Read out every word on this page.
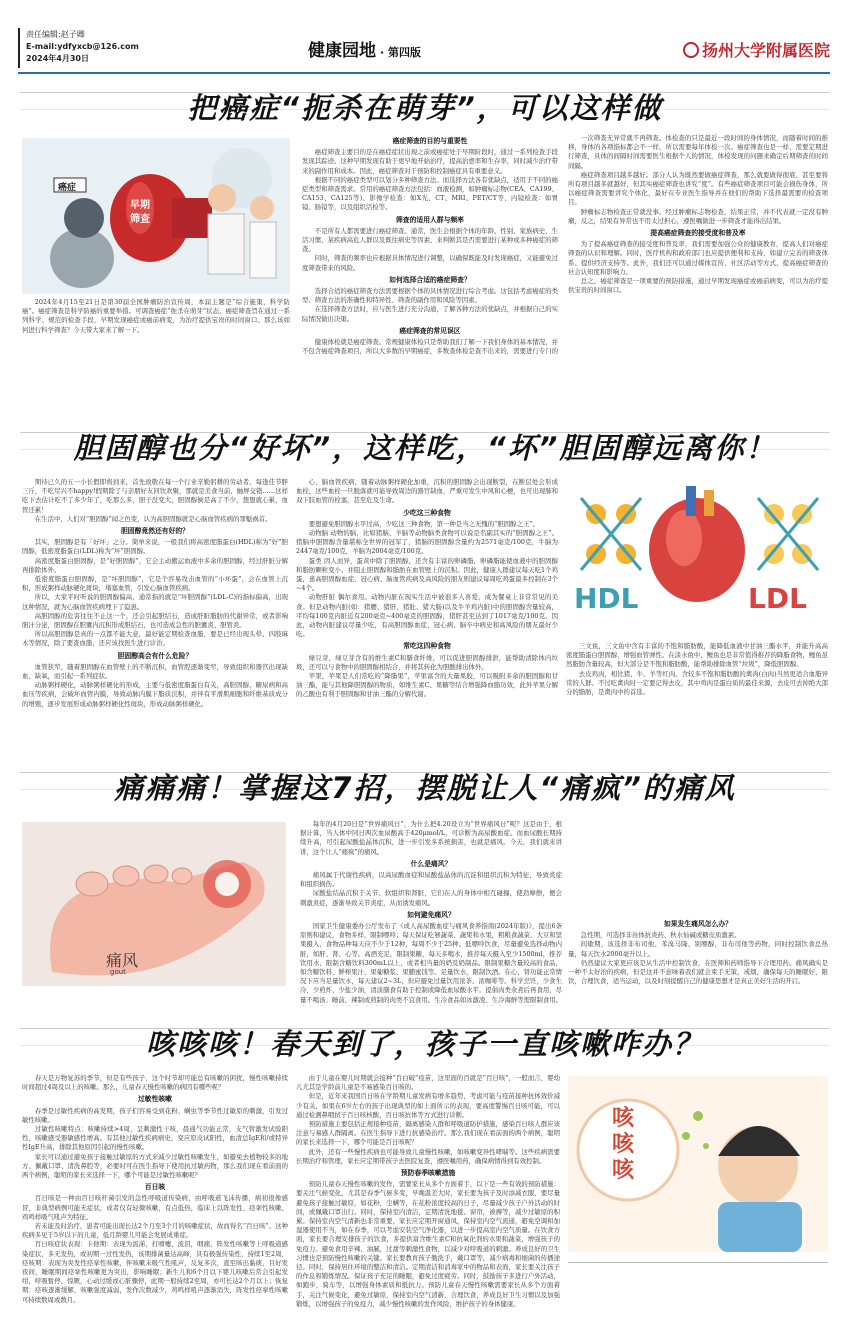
责任编辑:赵子卿
E-mail:ydfyxcb@126.com
2024年4月30日	健康园地 · 第四版	扬州大学附属医院
把癌症“扼杀在萌芽”，可以这样做
癌症
早期
筛查

2024年4月15至21日是第30届全国肿瘤防治宣传周，本届主题是“综合施策，科学防癌”。癌症筛查是科学防癌的重要举措。可调查癌症“扼杀在萌芽”状态，癌症筛查旨在通过一系列科学、规范的检查手段，早期发现癌症或癌前病变，为治疗提供宝贵的时间窗口。那么该如何进行科学筛查？今天带大家来了解一下。

癌症筛查的目的与重要性

癌症筛查主要目的是在癌症症状出现之前或癌症处于早期阶段时，通过一系列检查手段发现其踪迹。这种早期发现有助于更早地开始治疗，提高治愈率和生存率，同时减少治疗带来的副作用和成本。因此，癌症筛查对于预防和控制癌症具有重要意义。

根据不同的癌症类型可以划分多种筛查方法。而选择方法各有优缺点，适用于不同的癌症类型和筛查需求。常用的癌症筛查方法包括：血液检测，如肿瘤标志物(CEA、CA199、CA153、CA125等)、影像学检查：如X光、CT、MRI、PET/CT等、内镜检查：如胃镜、肠镜等，以及组织活检等。

筛查的适用人群与频率

不是所有人都需要进行癌症筛查。通常，医生会根据个体的年龄、性别、家族病史、生活习惯、某疾病高危人群以及既往病史等因素，来判断其是否需要进行某种或多种癌症的筛查。

同时，筛查的频率也应根据具体情况进行调整，以确保既能及时发现癌症，又能避免过度筛查带来的风险。

如何选择合适的癌症筛查？

选择合适的癌症筛查方法需要根据个体的具体情况进行综合考虑。这包括考虑癌症的类型、筛查方法的准确性和特异性、筛查的副作用和风险等因素。

在选择筛查方法时，应与医生进行充分沟通，了解各种方法的优缺点，并根据自己的实际情况做出决策。

癌症筛查的常见误区

健康体检就是癌症筛查。常规健康体检只是帮助我们了解一下我们身体的基本情况，并不包含癌症筛查项目，所以大多数的早期癌症，多数查体检是查不出来的，需要进行专门的

一次筛查无异常就不再筛查。体检查的只是最近一段时间的身体情况，而随着时间的推移，身体的各项指标都会不一样，所以需要每年体检一次。癌症筛查也是一样，需要定期进行筛查，具体的间隔时间需要医生根据个人的情况，体检发现的问题来确定后期筛查的时间间隔。

癌症筛查项目越多越好。部分人认为既然要做癌症筛查，那么就要做得彻底、甚至要将所有项目越多就越好，但其实癌症筛查也讲究“度”。有些癌症筛查项目可能会损伤身体，所以癌症筛查需要讲究个体化，最好在专业医生指导并在他们的帮助下选择最需要的检查项目。

肿瘤标志物检查正常就没事。经过肿瘤标志物检查，结果正常，并不代表就一定没有肿瘤，反之，结果有异常也不用太过担心，遵医嘱做进一步筛查才能得出结果。

提高癌症筛查的接受度和普及率

为了提高癌症筛查的接受度和普及率，我们需要加强公众的健康教育，提高人们对癌症筛查的认识和理解。同时，医疗机构和政府部门也应提供便利和支持，如建立完善的筛查体系、提供经济支持等。此外，我们还可以通过媒体宣传、社区活动等方式，提高癌症筛查的社会认知度和影响力。

总之，癌症筛查是一项重要的预防措施，通过早期发现癌症或癌前病变，可以为治疗提供宝贵的时间窗口。

胆固醇也分“好坏”，这样吃，“坏”胆固醇远离你！

期待已久的五一小长假即将到来，首先致敬在每一个行业辛勤躬耕的劳动者，每逢佳节胖三斤，不吃尽兴不happy!假期除了与亲朋好友同饮欢聚，那就是美食当前、触屏交错……这样吃下去估计吃不了多少年了，吃那么多，胆子没变大，胆固醇倒是高了不少，想想就心累，血管还累！

在生活中，人们对“胆固醇”闻之色变，认为高胆固醇就是心脑血管疾病的罪魁祸首。

胆固醇竟然还有好的？

其实，胆固醇是有「好坏」之分。简单来说，一般我们将高密度脂蛋白(HDL)称为“好”胆固醇，低密度脂蛋白(LDL)称为“坏”胆固醇。

高密度脂蛋白胆固醇，是“好胆固醇”，它会主动搬运血液中多余的胆固醇，经过肝脏分解再排除体外。

低密度脂蛋白胆固醇，是“坏胆固醇”，它是个容易攻击血管的“小坏蛋”，会在血管上沉积，形成粥样动脉硬化斑块，堵塞血管，引发心脑血管疾病。

所以，大家平时听说的胆固醇偏高，通常指的就是“坏胆固醇”(LDL-C)的指标偏高，出现这种情况，就为心脑血管疾病埋下了隐患。

高胆固醇的危害往往不止这一个，还会引起胆结石，造成肝脏脂肪的代谢异常，或者影响胆汁分泌，胆固醇在胆囊内沉积形成胆结石，也可造成急性的胆囊炎、胆管炎。

所以高胆固醇是真的一点都不能大意，最好能定期检查血脂，要是已经出现头晕、四肢麻木等情况，除了要查血脂，还应该找医生进行诊治。

胆固醇高会有什么危险？

血管狭窄，随着胆固醇在血管壁上的不断沉积，血管腔逐渐变窄，导致组织和器官出现缺血、缺氧，而引起一系列症状。

动脉粥样硬化，动脉粥样硬化的形成，主要与低密度脂蛋白有关，高胆固醇，糖尿病和高血压等疾病，会破坏血管内膜，导致动脉内膜下脂质沉积，并伴有平滑肌细胞和纤维基质成分的增殖，逐步发展形成动脉粥样硬化性斑块，形成动脉粥样硬化。

心、脑血管疾病，随着动脉粥样硬化加重，沉积的胆固醇会出现断裂，在断层处会形成血栓，这些血栓一旦脱落就可能导致周边的器官缺血，严重可发生中风和心梗，也可出现肺和双下肢血管的栓塞，甚至危及生命。

少吃这三种食物

要想避免胆固醇水平过高，少吃这三种食物，第一种是当之无愧的“胆固醇之王”。

动物脑 动物的脑，比如猪脑、羊脑等动物脑类食物可以说是名副其实的“胆固醇之王”。猪脑中胆固醇含量堪称全世界的冠军了，猪脑的胆固醇含量约为2571毫克/100克，牛脑为2447毫克/100克，羊脑为2004毫克/100克。

蛋类 因人而异，蛋黄中除了胆固醇，还含有丰富的卵磷脂，卵磷脂能使血液中的胆固醇和脂肪颗粒变小，并阻止胆固醇和脂肪在血管壁上的沉积。因此，健康人群建议每天吃1个鸡蛋，患高胆固醇血症、冠心病、脑血管疾病及高风险的朋友则建议每周吃鸡蛋最多控制在3个~4个。

动物肝脏 偶尔食用。动物内脏在现实生活中被很多人喜爱，成为餐桌上非常常见的美食。但是动物内脏(如：猪腰、猪肝、猪肚、猪大肠)以及牛羊鸡内脏)中的胆固醇含量较高，平均每100克内脏近有200毫克~400毫克的胆固醇，猪肝甚至达到了1017毫克/100克。因此，动物内脏建议尽量少吃，有高胆固醇血症、冠心病、脑卒中病史和高风险的朋友最好少吃。

常吃这四种食物

绿豆芽，绿豆芽含有的维生素C和膳食纤维，可以促进胆固醇排泄，能帮助清除体内垃圾，还可以与食物中的胆固醇相结合，并将其转化为胆酸排出体外。

苹果，苹果是人们常吃的“降脂果”，苹果富含的大量果胶，可以吸附多余的胆固醇和甘油三酯，能与其他降胆固醇的物质，如维生素C、果糖等结合增强降血脂功效，此外苹果分解的乙酸也有利于胆固醇和甘油三酯的分解代谢。

HDL	LDL

三文鱼，三文鱼中含有丰富的不饱和脂肪酸，能降低血液中甘油三酯水平，并能升高高密度脂蛋白胆固醇，增强血管弹性。在淡水鱼中，鲤鱼也是非常值得推荐的降脂食物，鲤鱼虽然脂肪含量较高，但大部分是不饱和脂肪酸，能帮助排除血管“垃圾”，降低胆固醇。

去皮鸡肉，相比猪、牛、羊等红肉，含较多不饱和脂肪酸的禽肉(白肉)当然更适合血脂异常的人群。不过吃禽肉时一定要记得去皮，其中鸡肉是蛋白质的最佳来源，去皮可去掉绝大部分的脂肪，是禽肉中的首选。

痛痛痛！掌握这7招，摆脱让人“痛疯”的痛风
痛风
gout

每年的4月20日是“世界痛风日”，为什么把4.20设立为“世界痛风日”呢？这是由于，根据计算，当人体中同日两次血尿酸高于420μmol/L，可诊断为高尿酸血症。而血尿酸长期持续升高，可引起尿酸盐晶体沉积，进一步引发多系统损害，也就是痛风。今天，我们就来讲讲，这个让人“痛疯”的痛风。

什么是痛风？

痛风属于代谢性疾病，以高尿酸血症和尿酸盐晶体的沉淀和组织沉积为特征，导致炎症和组织损伤。

尿酸盐结晶沉积于关节、软组织和肾脏，它们在人的身体中相互碰撞，使劲摩擦，便会刺激炎症，逐渐导致关节炎症，从而诱发痛风。

如何避免痛风？

国家卫生健康委办公厅发布了《成人高尿酸血症与痛风食养指南(2024年版)》，提出6条原则和建议，食物多样，限制嘌呤；每天保证吃够蔬菜、蔬果和水果，粗粮食蔬菜、大豆和坚果摄入，食物品种每天应不少于12种，每周不少于25种。低嘌呤饮食，尽量避免选择动物内脏，如肝、肾、心等。高酒充足，限制果糖，每天多喝水，推荐每天摄入至少1500ml，推荐饮用水、限制含糖饮料300mL以上，或者相当量的奶及奶制品。限制果糖含量较高的食品，如含糖饮料、鲜榨果汁、果葡糖浆、果脯蜜饯等。足量饮水，限制饮酒。在心、肾功能正常情况下应当足量饮水，每天建议2~3L，但应避免过量饮用浓茶、浓咖啡等。科学烹饪，少食生冷，少煎炸、少盐少油，清淡膳食有助于控制或降低血尿酸水平。提倡肉类汆煮后再食用，尽量不喝汤；睡前，辣制或煎制的肉类不宜食用。生冷食品如冰激凌、生冷海鲜等需限制食用。

如果发生痛风怎么办？

急性期，可选择非甾体抗炎药、秋水仙碱或糖皮质激素。

间歇期，该选择非布司他、苯溴马隆、别嘌醇，非布司他等药物，同时控制饮食总热量，每天饮水2000毫升以上。

仍然建议大家更应该是从生活中控制饮食，在医师和药师指导下合理用药。痛风确实是一种不太好治的疾病，但是这并不意味着我们就会束手无策，戒烟，确保每天的睡眠好，限饮，合理饮食，适当运动，以及时刻提醒自己的健康思想才是真正美好生活的开启。

咳咳咳！春天到了，孩子一直咳嗽咋办？

春天是万物复苏的季节，但是有些孩子，这个时节却可能总有咳嗽的困扰，慢性咳嗽持续时间超过4周及以上的咳嗽。那么，儿童春天慢性咳嗽的病因有哪些呢？

过敏性咳嗽

春季是过敏性疾病的高发期，孩子们容易受到花粉、螨虫等季节性过敏原的刺激，引发过敏性咳嗽。

过敏性咳嗽特点：咳嗽持续>4周，呈刺激性干咳，晨通气功能正常，支气管激发试验阳性，咳嗽感受器敏感性增高。有其他过敏性疾病病史，变应原皮试阳性，血清总IgE和/或特异性IgE升高，排除其他原因引起的慢性咳嗽。

家长可以通过避免孩子接触过敏原的方式来减少过敏性咳嗽发生，如避免去植物较多的地方、佩戴口罩、清洗鼻腔等，必要时可在医生指导下使用抗过敏药物，那么我们现在看前面的两个病例，聪明的家长来选择一下，哪个可能是过敏性咳嗽呢？

百日咳

百日咳是一种由百日咳杆菌引发的急性呼吸道传染病，由呼吸道飞沫传播，病初很像感冒，非典型病例可能无症状，成者仅有轻微咳嗽，有点低热，临床上以阵发性、痉挛性咳嗽、鸡鸣样吸气吼声为特征。

若未能及时治疗，患者可能出现长达2个月至3个月的咳嗽症状，故而得名“百日咳”。这种疾病多见于5岁以下的儿童，低月龄婴儿可能会发展成重症。

百日咳症状表现：卡他期：表现为流涕，打喷嚏，流泪，咽痛，阵发性咳嗽等上呼吸道感染症状，多无发热，或初期一过性发热，该期排菌量达高峰，具有极强传染性，持续1至2周，痉咳期：表现为突发性痉挛性咳嗽，伴咳嗽末吸气性吼声，反复多次，直至咳出黏痰，且好发夜间，睡眠期间痉挛性咳嗽更为突出，影响睡眠；新生儿和6个月以下婴儿咳嗽后常会引起发绀，呼吸暂停、惊厥，心动过缓或心脏骤停，此期一般持续2至周，亦可长达2个月以上；恢复期：痉咳逐渐缓解，咳嗽强度减弱，发作次数减少，鸡鸣样吼声逐渐消失，阵发性痉挛性咳嗽可持续数周或数月。

由于儿童在婴儿时期就会接种“百白破”疫苗，这里面的百就是“百日咳”，一般而言，婴幼儿尤其是学龄前儿童是不易感染百日咳的。

但是，近年来我国百日咳在学龄期儿童发病有增多趋势，考虑可能与疫苗接种抗体效价减少有关，如果在6岁左右的孩子出现典型的如上面所示的表现，要高度警惕百日咳可能，可以通过检测鼻咽拭子百日咳核酸，百日咳抗体等方式进行诊断。

预防措施主要包括正规接种疫苗，隔离感染人群和呼吸道防护措施，感染百日咳人群应该注意与易感人群隔离。在医生指导下进行抗感染治疗。那么我们现在看前面的两个病例，聪明的家长来选择一下，哪个可能是百日咳呢？

此外，还有一些慢性疾病也可能导致儿童慢性咳嗽，如咳嗽变异性哮喘等。这些疾病需要长期治疗和管理，家长应定期带孩子去医院复查，遵医嘱用药，确保病情得到有效控制。

预防春季咳嗽措施

预防儿童春天慢性咳嗽的发作，需要家长从多个方面着手，以下是一些有效的预防措施：要关注气候变化，尤其是春季气候多变，早晚温差大时，家长要为孩子及时添减衣服，要尽量避免孩子接触过敏原，如花粉，尘螨等，在花粉浓度较高的日子，尽量减少孩子户外活动的时间，或佩戴口罩出行。同时，保持室内清洁，定期清洗地毯、窗帘，被褥等，减少过敏原的积累。保持室内空气清新也非常重要，家长应定期开窗通风，保持室内空气流通，避免空调和加湿器使用不当，如在春季，可以考虑安装空气净化器，以进一步提高室内空气质量。在饮食方面，家长要合理安排孩子的饮食，多提供富含维生素C和抗氧化剂的水果和蔬菜，增强孩子的免疫力。避免食用辛辣、油腻，过甜等刺激性食物，以减少对呼吸道的刺激。养成良好的卫生习惯也是预防慢性咳嗽的关键。家长要教育孩子勤洗手，戴口罩等，减少病毒和细菌的传播途径。同时，保持居住环境的整洁和清洁。定期清洁和消毒家中的物品和表面，家长要关注孩子的作息和锻炼情况。保证孩子充足的睡眠，避免过度疲劳。同时，鼓励孩子多进行户外活动，如跑步，骑车等，以增强身体素质和抵抗力。预防儿童春天慢性咳嗽需要家长从多个方面着手，关注气候变化，避免过敏原，保持室内空气清新，合理饮食，养成良好卫生习惯以及加强锻炼，以增强孩子的免疫力，减少慢性咳嗽的发作风险，维护孩子的身体健康。

咳咳咳
